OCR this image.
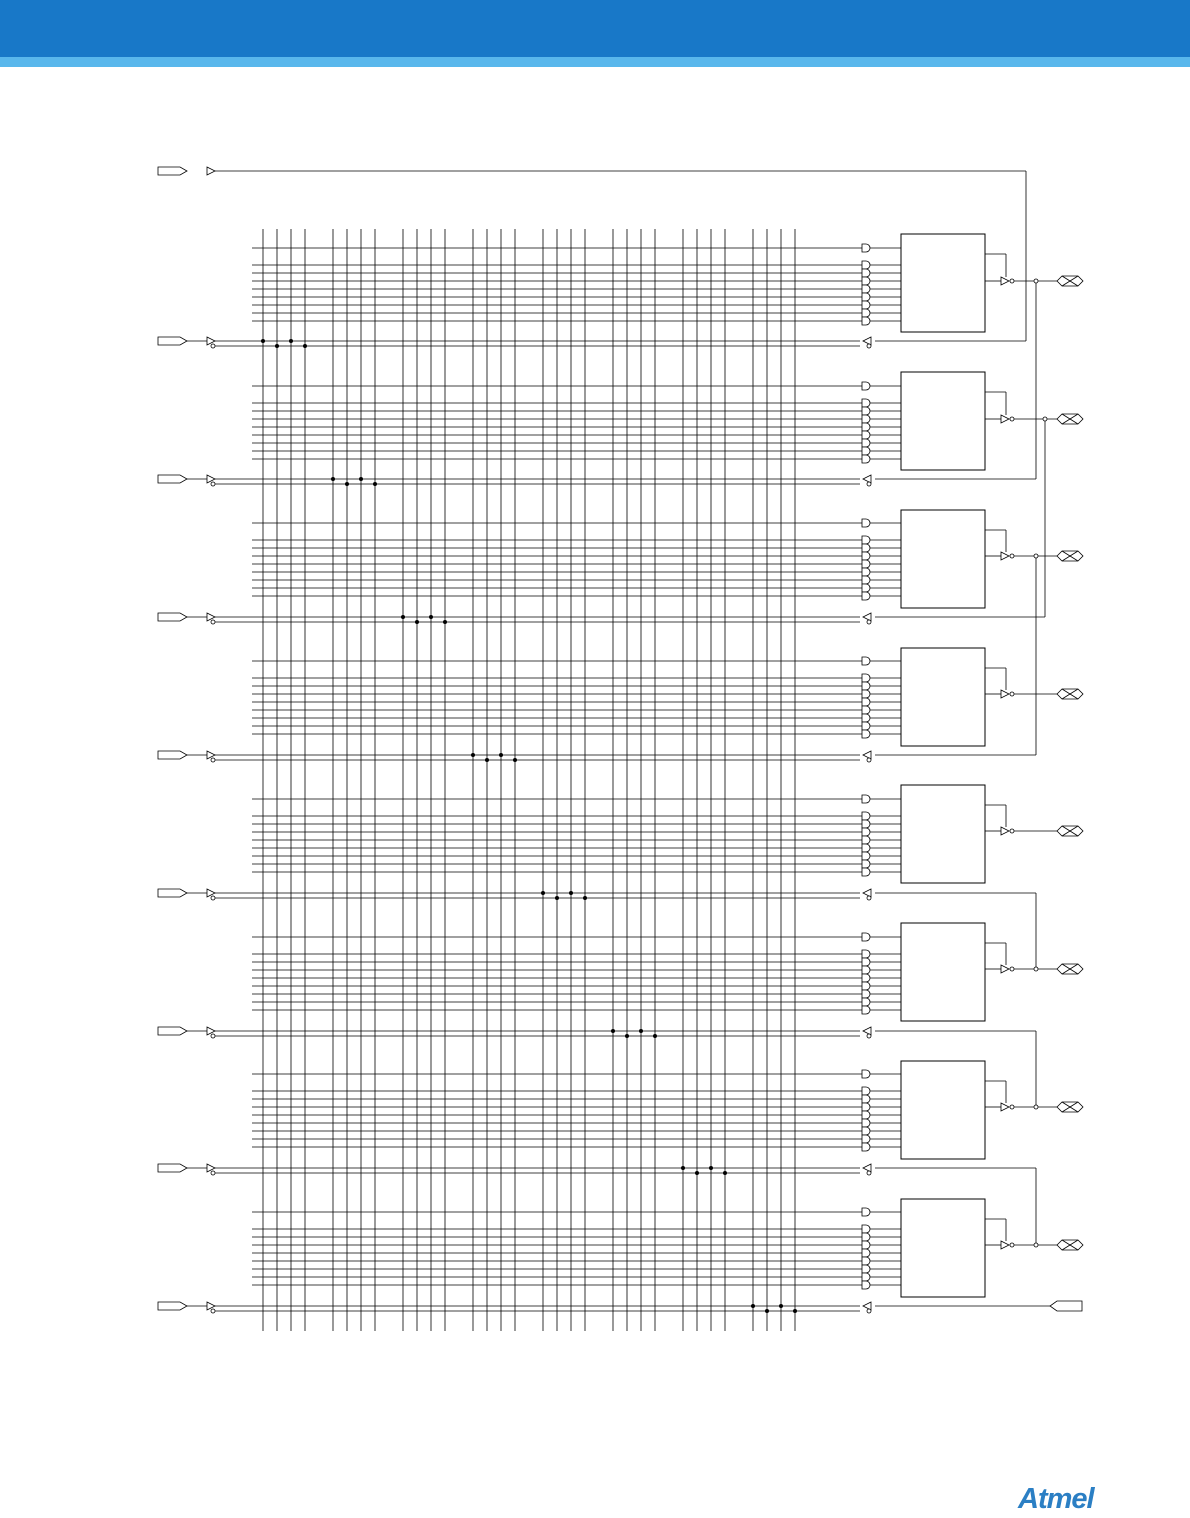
Atmel
